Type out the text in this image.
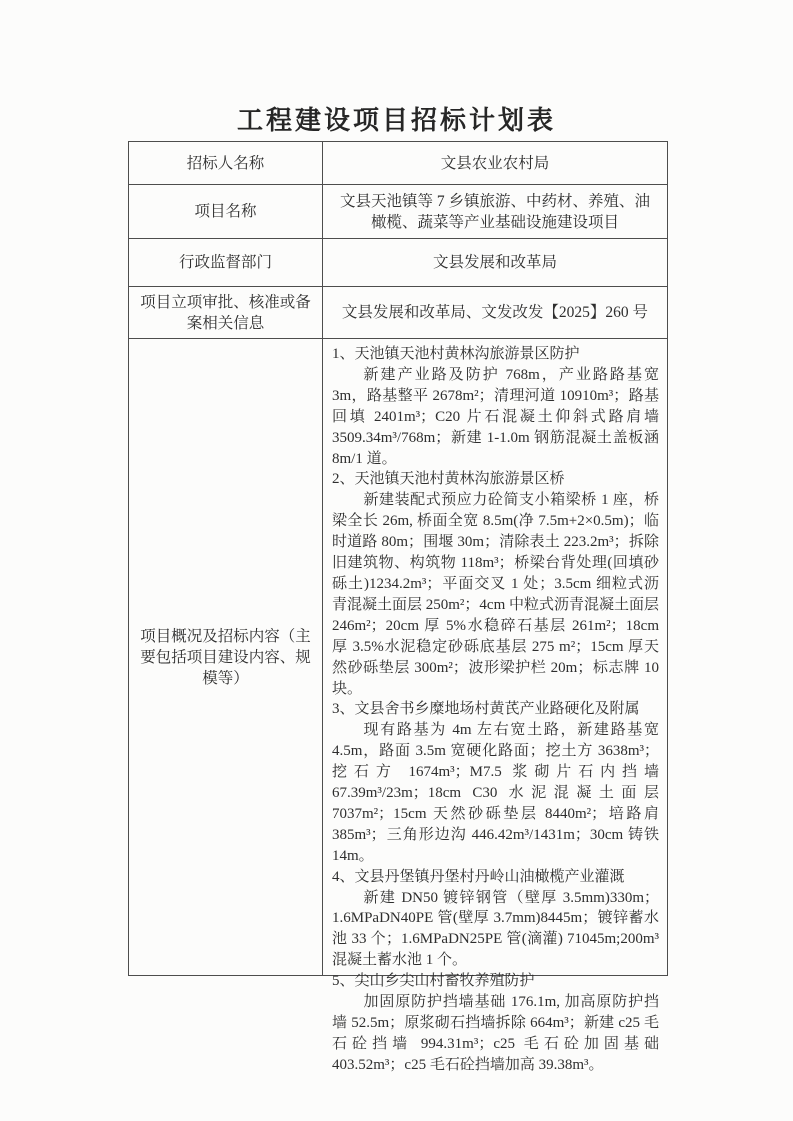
工程建设项目招标计划表
招标人名称	文县农业农村局
项目名称
文县天池镇等 7 乡镇旅游、中药材、养殖、油橄榄、蔬菜等产业基础设施建设项目
行政监督部门	文县发展和改革局
项目立项审批、核准或备案相关信息
文县发展和改革局、文发改发【2025】260 号
项目概况及招标内容（主要包括项目建设内容、规模等）
1、天池镇天池村黄林沟旅游景区防护

新建产业路及防护 768m，产业路路基宽 3m，路基整平 2678m²；清理河道 10910m³；路基回填 2401m³；C20 片石混凝土仰斜式路肩墙 3509.34m³/768m；新建 1-1.0m 钢筋混凝土盖板涵 8m/1 道。

2、天池镇天池村黄林沟旅游景区桥

新建装配式预应力砼简支小箱梁桥 1 座，桥梁全长 26m, 桥面全宽 8.5m(净 7.5m+2×0.5m)；临时道路 80m；围堰 30m；清除表土 223.2m³；拆除旧建筑物、构筑物 118m³；桥梁台背处理(回填砂砾土)1234.2m³；平面交叉 1 处；3.5cm 细粒式沥青混凝土面层 250m²；4cm 中粒式沥青混凝土面层 246m²；20cm 厚 5%水稳碎石基层 261m²；18cm 厚 3.5%水泥稳定砂砾底基层 275 m²；15cm 厚天然砂砾垫层 300m²；波形梁护栏 20m；标志牌 10 块。

3、文县舍书乡糜地场村黄芪产业路硬化及附属

现有路基为 4m 左右宽土路，新建路基宽 4.5m，路面 3.5m 宽硬化路面；挖土方 3638m³；挖石方 1674m³；M7.5 浆砌片石内挡墙 67.39m³/23m；18cm C30 水泥混凝土面层 7037m²；15cm 天然砂砾垫层 8440m²；培路肩 385m³；三角形边沟 446.42m³/1431m；30cm 铸铁 14m。

4、文县丹堡镇丹堡村丹岭山油橄榄产业灌溉

新建 DN50 镀锌钢管（壁厚 3.5mm)330m；1.6MPaDN40PE 管(壁厚 3.7mm)8445m；镀锌蓄水池 33 个；1.6MPaDN25PE 管(滴灌) 71045m;200m³ 混凝土蓄水池 1 个。

5、尖山乡尖山村畜牧养殖防护

加固原防护挡墙基础 176.1m, 加高原防护挡墙 52.5m；原浆砌石挡墙拆除 664m³；新建 c25 毛石砼挡墙 994.31m³；c25 毛石砼加固基础 403.52m³；c25 毛石砼挡墙加高 39.38m³。
